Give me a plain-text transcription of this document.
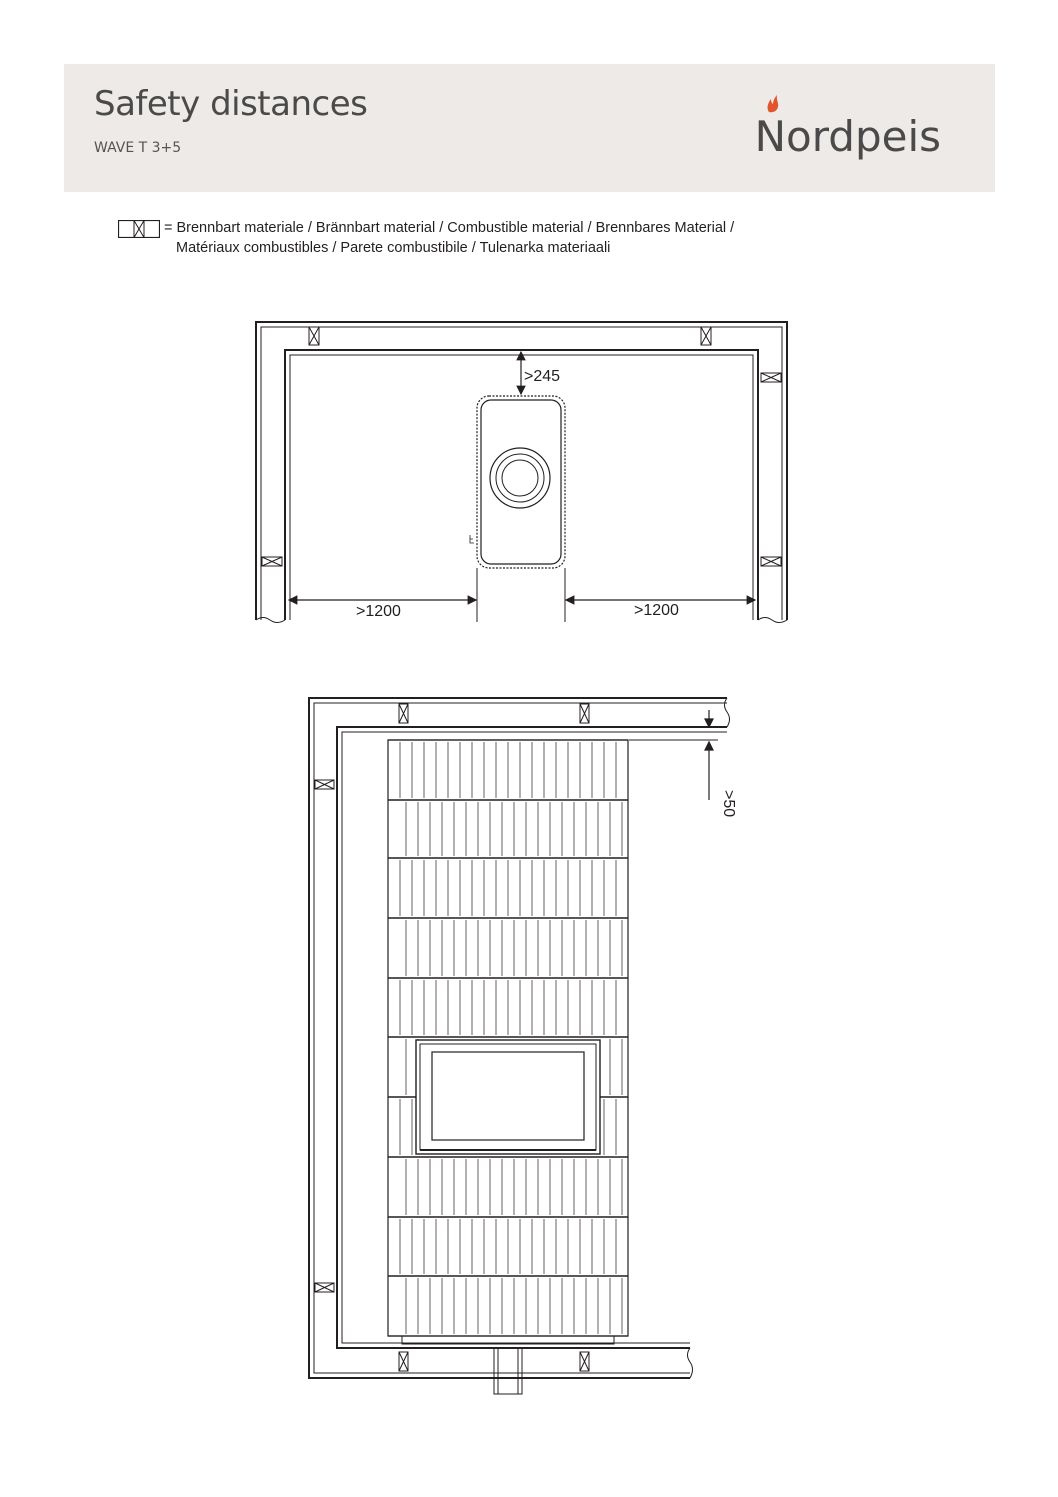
Safety distances
WAVE T 3+5	Nordpeis
= Brennbart materiale / Brännbart material / Combustible material / Brennbares Material /
Matériaux combustibles / Parete combustibile / Tulenarka materiaali
>245
>1200	>1200
>50
